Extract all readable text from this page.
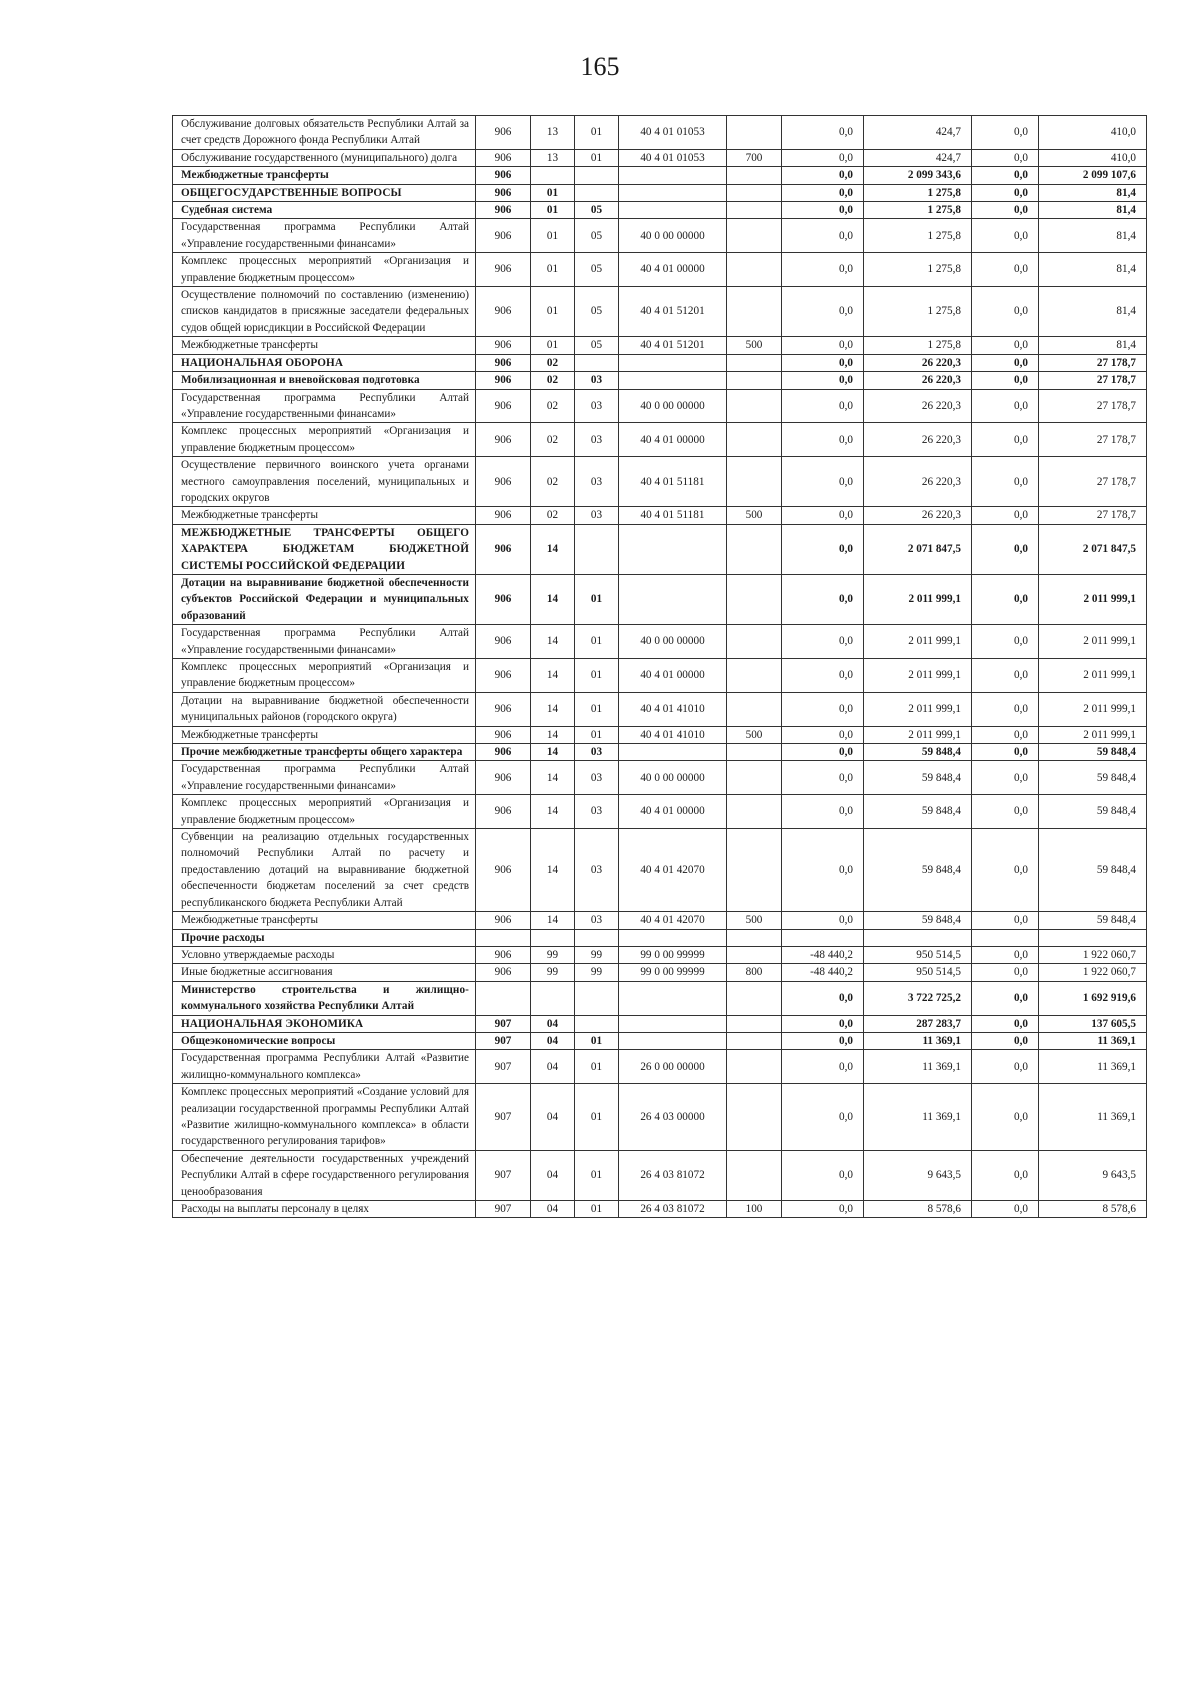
165
Обслуживание долговых обязательств Республики Алтай за счет средств Дорожного фонда Республики Алтай	906	13	01	40 4 01 01053		0,0	424,7	0,0	410,0
Обслуживание государственного (муниципального) долга	906	13	01	40 4 01 01053	700	0,0	424,7	0,0	410,0
Межбюджетные трансферты	906					0,0	2 099 343,6	0,0	2 099 107,6
ОБЩЕГОСУДАРСТВЕННЫЕ ВОПРОСЫ	906	01				0,0	1 275,8	0,0	81,4
Судебная система	906	01	05			0,0	1 275,8	0,0	81,4
Государственная программа Республики Алтай «Управление государственными финансами»	906	01	05	40 0 00 00000		0,0	1 275,8	0,0	81,4
Комплекс процессных мероприятий «Организация и управление бюджетным процессом»	906	01	05	40 4 01 00000		0,0	1 275,8	0,0	81,4
Осуществление полномочий по составлению (изменению) списков кандидатов в присяжные заседатели федеральных судов общей юрисдикции в Российской Федерации	906	01	05	40 4 01 51201		0,0	1 275,8	0,0	81,4
Межбюджетные трансферты	906	01	05	40 4 01 51201	500	0,0	1 275,8	0,0	81,4
НАЦИОНАЛЬНАЯ ОБОРОНА	906	02				0,0	26 220,3	0,0	27 178,7
Мобилизационная и вневойсковая подготовка	906	02	03			0,0	26 220,3	0,0	27 178,7
Государственная программа Республики Алтай «Управление государственными финансами»	906	02	03	40 0 00 00000		0,0	26 220,3	0,0	27 178,7
Комплекс процессных мероприятий «Организация и управление бюджетным процессом»	906	02	03	40 4 01 00000		0,0	26 220,3	0,0	27 178,7
Осуществление первичного воинского учета органами местного самоуправления поселений, муниципальных и городских округов	906	02	03	40 4 01 51181		0,0	26 220,3	0,0	27 178,7
Межбюджетные трансферты	906	02	03	40 4 01 51181	500	0,0	26 220,3	0,0	27 178,7
МЕЖБЮДЖЕТНЫЕ ТРАНСФЕРТЫ ОБЩЕГО ХАРАКТЕРА БЮДЖЕТАМ БЮДЖЕТНОЙ СИСТЕМЫ РОССИЙСКОЙ ФЕДЕРАЦИИ	906	14				0,0	2 071 847,5	0,0	2 071 847,5
Дотации на выравнивание бюджетной обеспеченности субъектов Российской Федерации и муниципальных образований	906	14	01			0,0	2 011 999,1	0,0	2 011 999,1
Государственная программа Республики Алтай «Управление государственными финансами»	906	14	01	40 0 00 00000		0,0	2 011 999,1	0,0	2 011 999,1
Комплекс процессных мероприятий «Организация и управление бюджетным процессом»	906	14	01	40 4 01 00000		0,0	2 011 999,1	0,0	2 011 999,1
Дотации на выравнивание бюджетной обеспеченности муниципальных районов (городского округа)	906	14	01	40 4 01 41010		0,0	2 011 999,1	0,0	2 011 999,1
Межбюджетные трансферты	906	14	01	40 4 01 41010	500	0,0	2 011 999,1	0,0	2 011 999,1
Прочие межбюджетные трансферты общего характера	906	14	03			0,0	59 848,4	0,0	59 848,4
Государственная программа Республики Алтай «Управление государственными финансами»	906	14	03	40 0 00 00000		0,0	59 848,4	0,0	59 848,4
Комплекс процессных мероприятий «Организация и управление бюджетным процессом»	906	14	03	40 4 01 00000		0,0	59 848,4	0,0	59 848,4
Субвенции на реализацию отдельных государственных полномочий Республики Алтай по расчету и предоставлению дотаций на выравнивание бюджетной обеспеченности бюджетам поселений за счет средств республиканского бюджета Республики Алтай	906	14	03	40 4 01 42070		0,0	59 848,4	0,0	59 848,4
Межбюджетные трансферты	906	14	03	40 4 01 42070	500	0,0	59 848,4	0,0	59 848,4
Прочие расходы									
Условно утверждаемые расходы	906	99	99	99 0 00 99999		-48 440,2	950 514,5	0,0	1 922 060,7
Иные бюджетные ассигнования	906	99	99	99 0 00 99999	800	-48 440,2	950 514,5	0,0	1 922 060,7
Министерство строительства и жилищно-коммунального хозяйства Республики Алтай						0,0	3 722 725,2	0,0	1 692 919,6
НАЦИОНАЛЬНАЯ ЭКОНОМИКА	907	04				0,0	287 283,7	0,0	137 605,5
Общеэкономические вопросы	907	04	01			0,0	11 369,1	0,0	11 369,1
Государственная программа Республики Алтай «Развитие жилищно-коммунального комплекса»	907	04	01	26 0 00 00000		0,0	11 369,1	0,0	11 369,1
Комплекс процессных мероприятий «Создание условий для реализации государственной программы Республики Алтай «Развитие жилищно-коммунального комплекса» в области государственного регулирования тарифов»	907	04	01	26 4 03 00000		0,0	11 369,1	0,0	11 369,1
Обеспечение деятельности государственных учреждений Республики Алтай в сфере государственного регулирования ценообразования	907	04	01	26 4 03 81072		0,0	9 643,5	0,0	9 643,5
Расходы на выплаты персоналу в целях	907	04	01	26 4 03 81072	100	0,0	8 578,6	0,0	8 578,6
